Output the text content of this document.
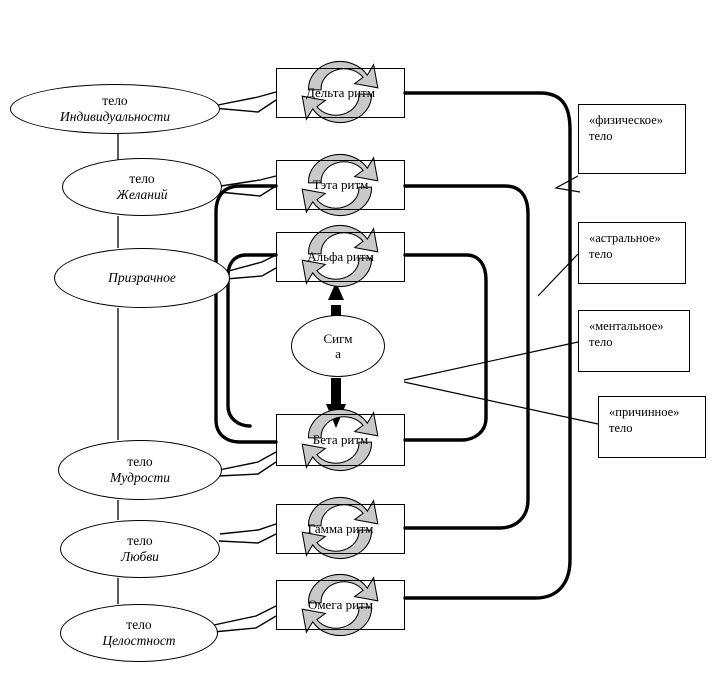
тело
Индивидуальности
тело
Желаний
Призрачное
тело
Мудрости
тело
Любви
тело
Целостност
Дельта ритм
Тэта ритм
Альфа ритм
Бета ритм
Гамма ритм
Омега ритм
Сигм
а
«физическое»
тело
«астральное»
тело
«ментальное»
тело
«причинное»
тело
